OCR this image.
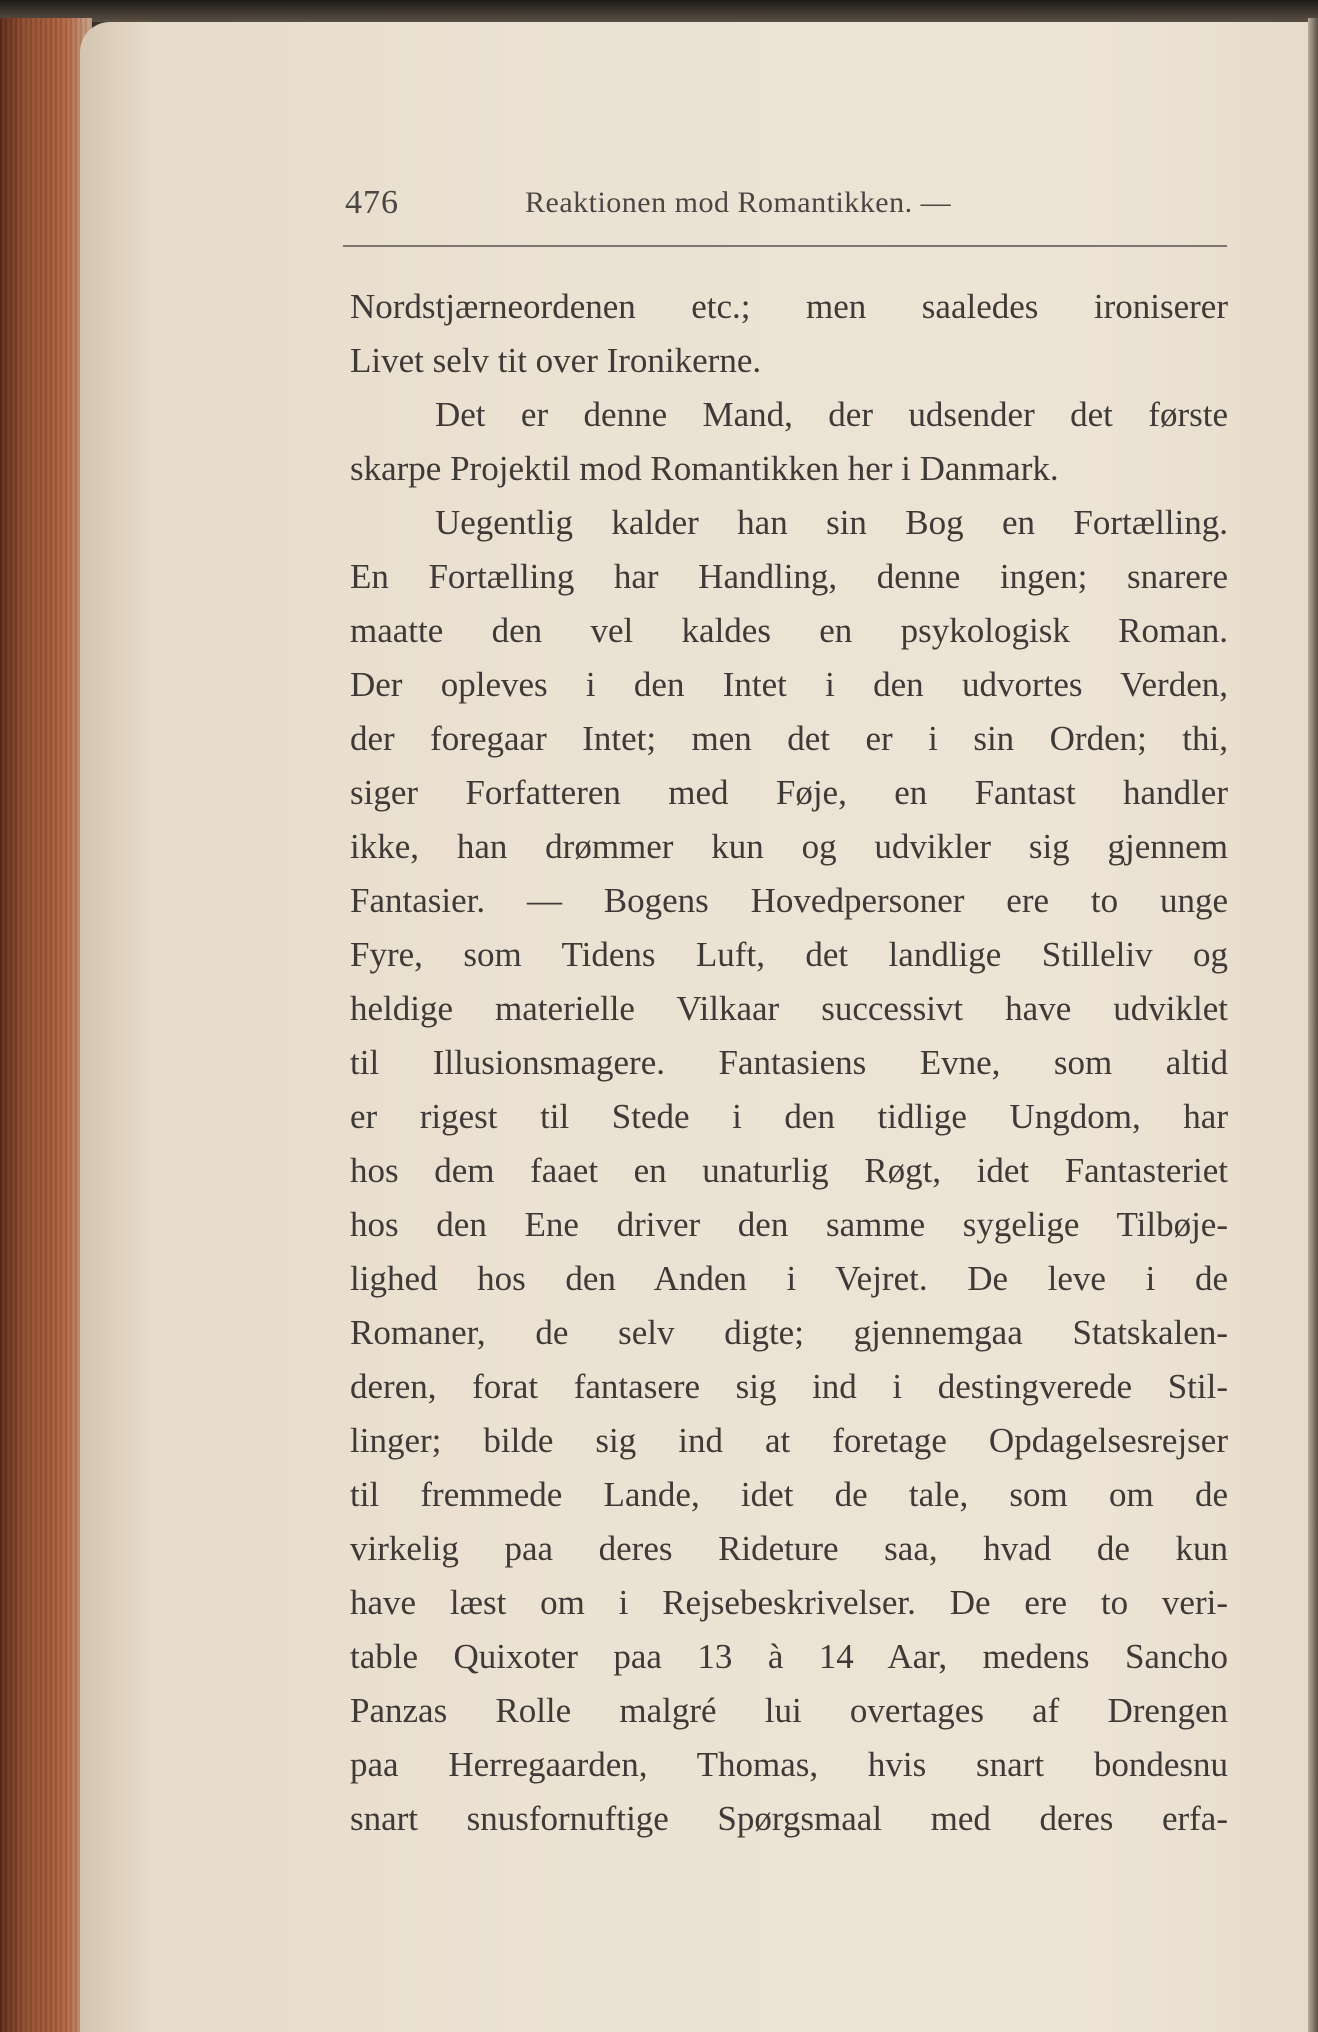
476	Reaktionen mod Romantikken. —
Nordstjærneordenen etc.; men saaledes ironiserer
Livet selv tit over Ironikerne.
Det er denne Mand, der udsender det første
skarpe Projektil mod Romantikken her i Danmark.
Uegentlig kalder han sin Bog en Fortælling.
En Fortælling har Handling, denne ingen; snarere
maatte den vel kaldes en psykologisk Roman.
Der opleves i den Intet i den udvortes Verden,
der foregaar Intet; men det er i sin Orden; thi,
siger Forfatteren med Føje, en Fantast handler
ikke, han drømmer kun og udvikler sig gjennem
Fantasier. — Bogens Hovedpersoner ere to unge
Fyre, som Tidens Luft, det landlige Stilleliv og
heldige materielle Vilkaar successivt have udviklet
til Illusionsmagere. Fantasiens Evne, som altid
er rigest til Stede i den tidlige Ungdom, har
hos dem faaet en unaturlig Røgt, idet Fantasteriet
hos den Ene driver den samme sygelige Tilbøje-
lighed hos den Anden i Vejret. De leve i de
Romaner, de selv digte; gjennemgaa Statskalen-
deren, forat fantasere sig ind i destingverede Stil-
linger; bilde sig ind at foretage Opdagelsesrejser
til fremmede Lande, idet de tale, som om de
virkelig paa deres Rideture saa, hvad de kun
have læst om i Rejsebeskrivelser. De ere to veri-
table Quixoter paa 13 à 14 Aar, medens Sancho
Panzas Rolle malgré lui overtages af Drengen
paa Herregaarden, Thomas, hvis snart bondesnu
snart snusfornuftige Spørgsmaal med deres erfa-
